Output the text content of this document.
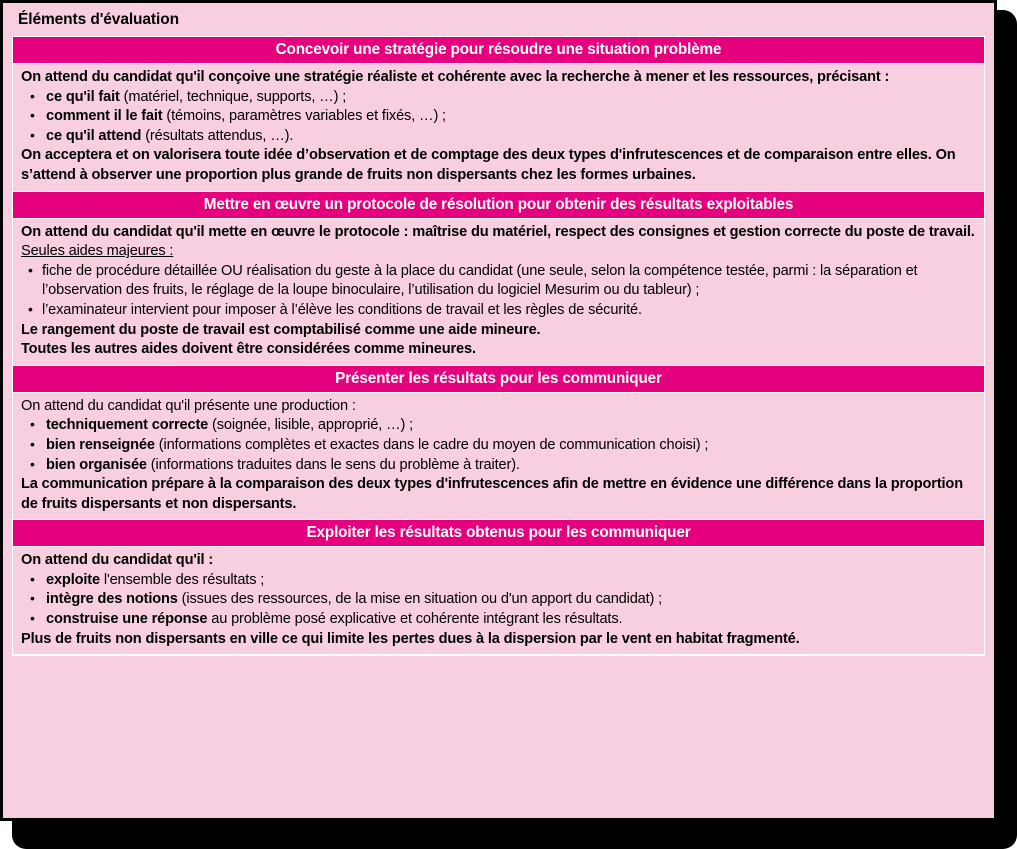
Éléments d'évaluation
Concevoir une stratégie pour résoudre une situation problème

On attend du candidat qu'il conçoive une stratégie réaliste et cohérente avec la recherche à mener et les ressources, précisant :

• ce qu'il fait (matériel, technique, supports, …) ;
• comment il le fait (témoins, paramètres variables et fixés, …) ;
• ce qu'il attend (résultats attendus, …).

On acceptera et on valorisera toute idée d’observation et de comptage des deux types d'infrutescences et de comparaison entre elles. On s’attend à observer une proportion plus grande de fruits non dispersants chez les formes urbaines.

Mettre en œuvre un protocole de résolution pour obtenir des résultats exploitables

On attend du candidat qu'il mette en œuvre le protocole : maîtrise du matériel, respect des consignes et gestion correcte du poste de travail.

Seules aides majeures :

• fiche de procédure détaillée OU réalisation du geste à la place du candidat (une seule, selon la compétence testée, parmi : la séparation et l’observation des fruits, le réglage de la loupe binoculaire, l’utilisation du logiciel Mesurim ou du tableur) ;
• l’examinateur intervient pour imposer à l’élève les conditions de travail et les règles de sécurité.

Le rangement du poste de travail est comptabilisé comme une aide mineure.

Toutes les autres aides doivent être considérées comme mineures.

Présenter les résultats pour les communiquer

On attend du candidat qu'il présente une production :

• techniquement correcte (soignée, lisible, approprié, …) ;
• bien renseignée (informations complètes et exactes dans le cadre du moyen de communication choisi) ;
• bien organisée (informations traduites dans le sens du problème à traiter).

La communication prépare à la comparaison des deux types d'infrutescences afin de mettre en évidence une différence dans la proportion de fruits dispersants et non dispersants.

Exploiter les résultats obtenus pour les communiquer

On attend du candidat qu'il :

• exploite l'ensemble des résultats ;
• intègre des notions (issues des ressources, de la mise en situation ou d'un apport du candidat) ;
• construise une réponse au problème posé explicative et cohérente intégrant les résultats.

Plus de fruits non dispersants en ville ce qui limite les pertes dues à la dispersion par le vent en habitat fragmenté.
